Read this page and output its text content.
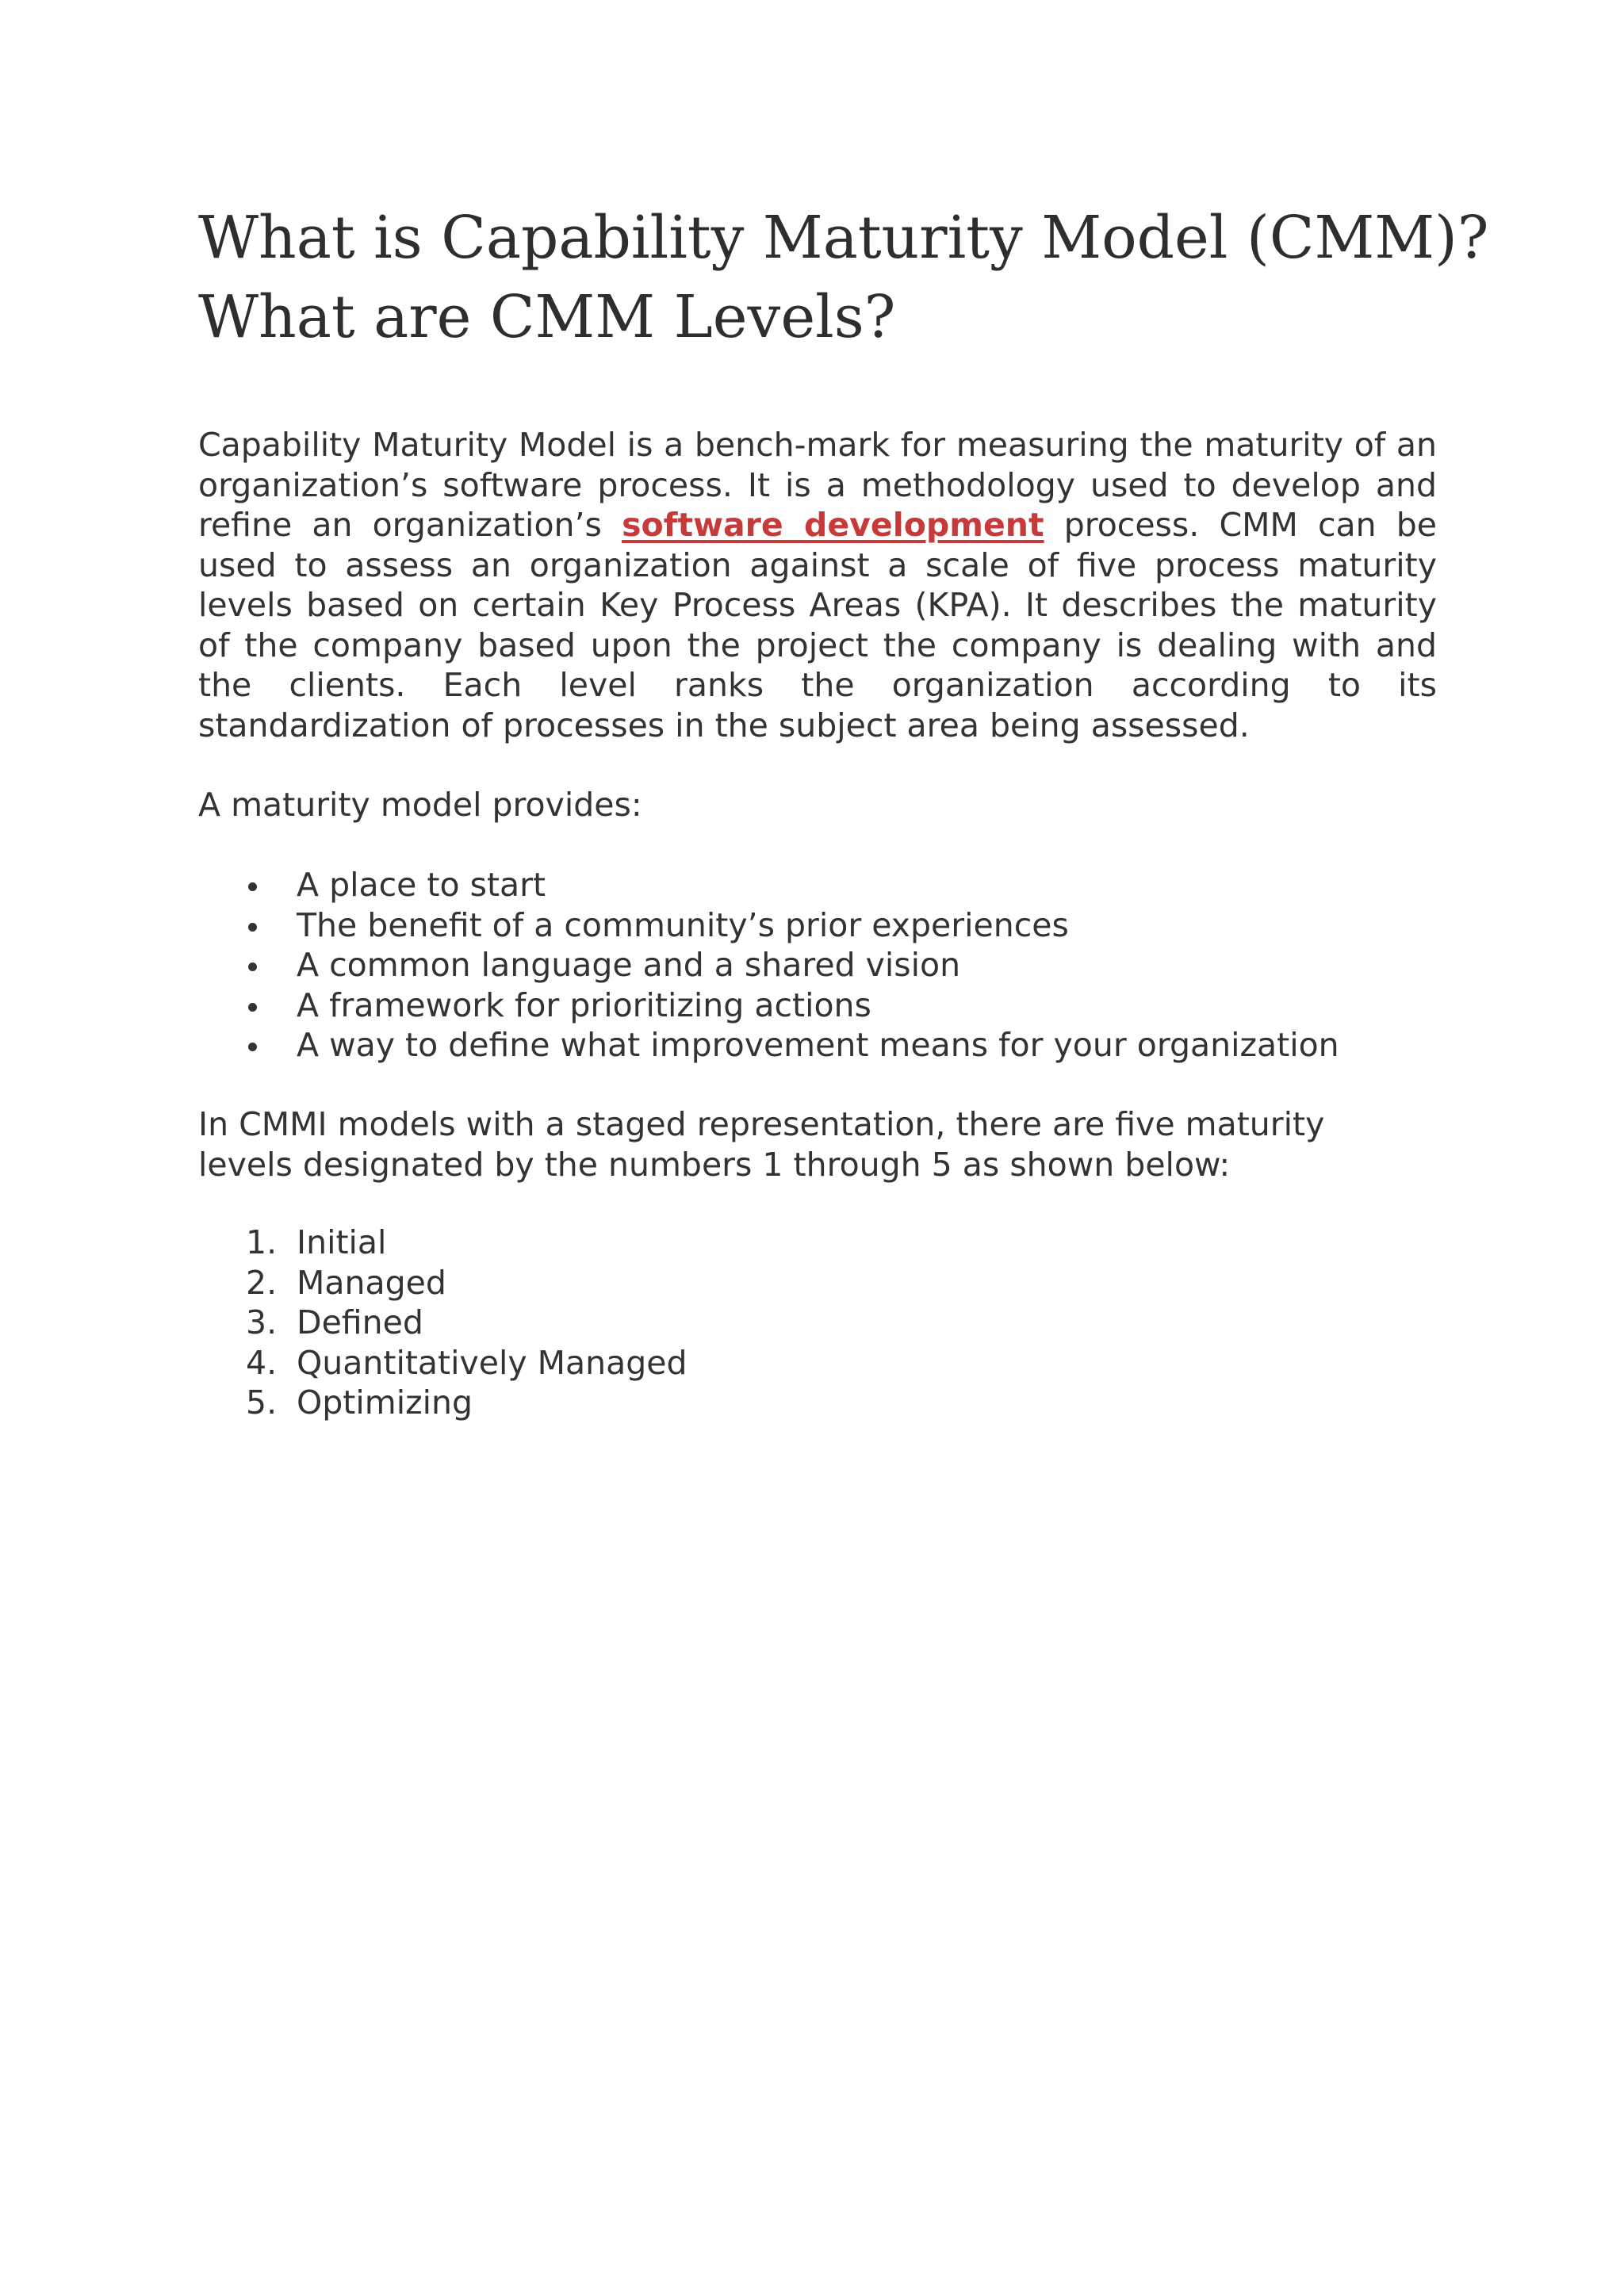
What is Capability Maturity Model (CMM)?
What are CMM Levels?

Capability Maturity Model is a bench-mark for measuring the maturity of an organization’s software process. It is a methodology used to develop and refine an organization’s software development process. CMM can be used to assess an organization against a scale of five process maturity levels based on certain Key Process Areas (KPA). It describes the maturity of the company based upon the project the company is dealing with and the clients. Each level ranks the organization according to its standardization of processes in the subject area being assessed.

A maturity model provides:

A place to start
The benefit of a community’s prior experiences
A common language and a shared vision
A framework for prioritizing actions
A way to define what improvement means for your organization

In CMMI models with a staged representation, there are five maturity
levels designated by the numbers 1 through 5 as shown below:

1. Initial
2. Managed
3. Defined
4. Quantitatively Managed
5. Optimizing
